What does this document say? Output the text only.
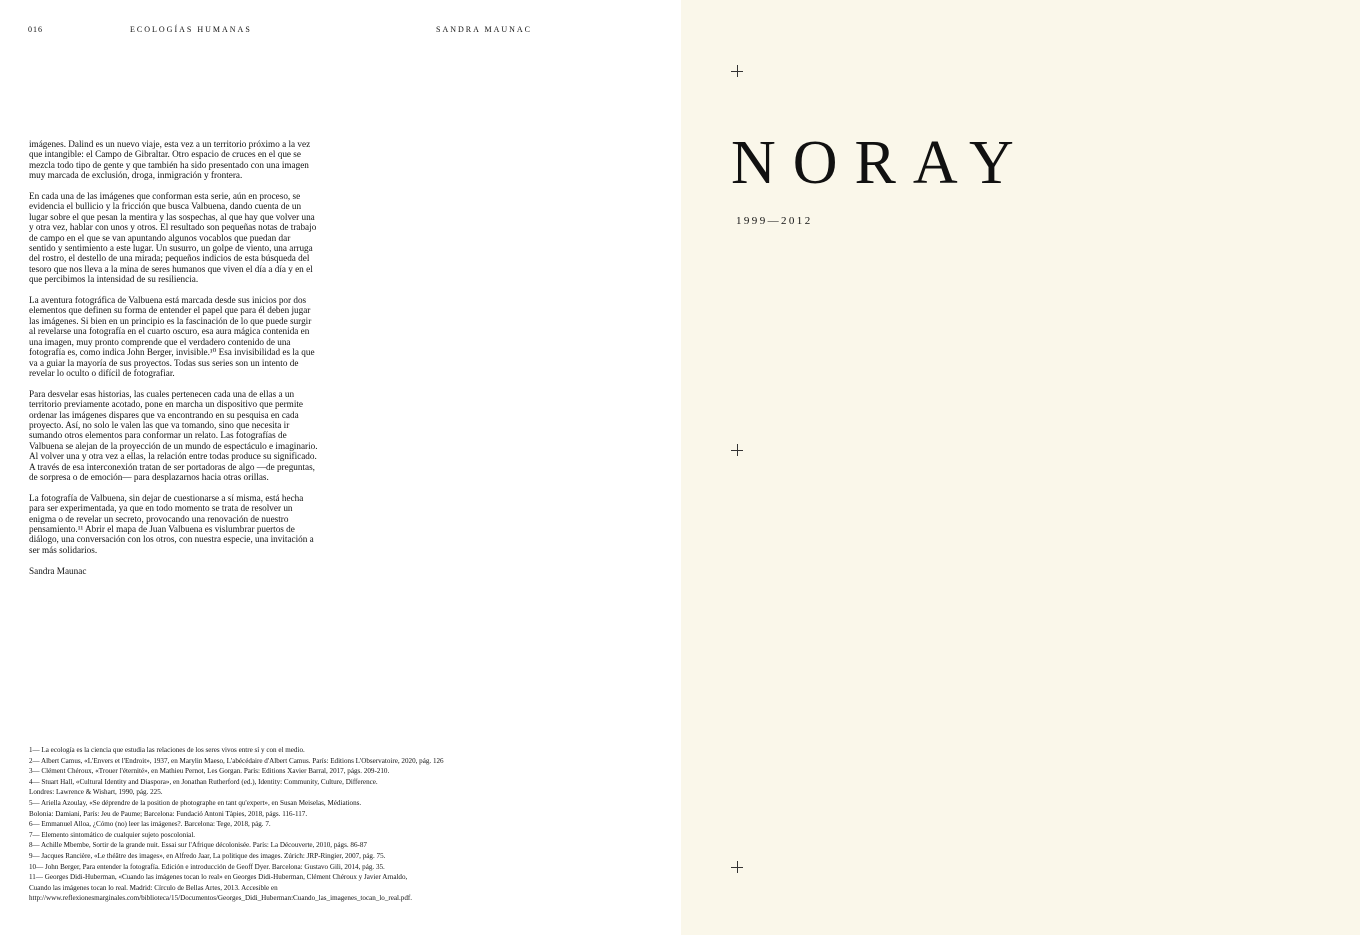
016	ECOLOGÍAS HUMANAS	SANDRA MAUNAC

imágenes. Dalind es un nuevo viaje, esta vez a un territorio próximo a la vez que intangible: el Campo de Gibraltar. Otro espacio de cruces en el que se mezcla todo tipo de gente y que también ha sido presentado con una imagen muy marcada de exclusión, droga, inmigración y frontera.

En cada una de las imágenes que conforman esta serie, aún en proceso, se evidencia el bullicio y la fricción que busca Valbuena, dando cuenta de un lugar sobre el que pesan la mentira y las sospechas, al que hay que volver una y otra vez, hablar con unos y otros. El resultado son pequeñas notas de trabajo de campo en el que se van apuntando algunos vocablos que puedan dar sentido y sentimiento a este lugar. Un susurro, un golpe de viento, una arruga del rostro, el destello de una mirada; pequeños indicios de esta búsqueda del tesoro que nos lleva a la mina de seres humanos que viven el día a día y en el que percibimos la intensidad de su resiliencia.

La aventura fotográfica de Valbuena está marcada desde sus inicios por dos elementos que definen su forma de entender el papel que para él deben jugar las imágenes. Si bien en un principio es la fascinación de lo que puede surgir al revelarse una fotografía en el cuarto oscuro, esa aura mágica contenida en una imagen, muy pronto comprende que el verdadero contenido de una fotografía es, como indica John Berger, invisible.¹⁰ Esa invisibilidad es la que va a guiar la mayoría de sus proyectos. Todas sus series son un intento de revelar lo oculto o difícil de fotografiar.

Para desvelar esas historias, las cuales pertenecen cada una de ellas a un territorio previamente acotado, pone en marcha un dispositivo que permite ordenar las imágenes dispares que va encontrando en su pesquisa en cada proyecto. Así, no solo le valen las que va tomando, sino que necesita ir sumando otros elementos para conformar un relato. Las fotografías de Valbuena se alejan de la proyección de un mundo de espectáculo e imaginario. Al volver una y otra vez a ellas, la relación entre todas produce su significado. A través de esa interconexión tratan de ser portadoras de algo —de preguntas, de sorpresa o de emoción— para desplazarnos hacia otras orillas.

La fotografía de Valbuena, sin dejar de cuestionarse a sí misma, está hecha para ser experimentada, ya que en todo momento se trata de resolver un enigma o de revelar un secreto, provocando una renovación de nuestro pensamiento.¹¹ Abrir el mapa de Juan Valbuena es vislumbrar puertos de diálogo, una conversación con los otros, con nuestra especie, una invitación a ser más solidarios.

Sandra Maunac

1— La ecología es la ciencia que estudia las relaciones de los seres vivos entre sí y con el medio.
2— Albert Camus, «L'Envers et l'Endroit», 1937, en Marylin Maeso, L'abécédaire d'Albert Camus. París: Editions L'Observatoire, 2020, pág. 126
3— Clément Chéroux, «Trouer l'éternité», en Mathieu Pernot, Les Gorgan. París: Editions Xavier Barral, 2017, págs. 209-210.
4— Stuart Hall, «Cultural Identity and Diaspora», en Jonathan Rutherford (ed.), Identity: Community, Culture, Difference.
Londres: Lawrence & Wishart, 1990, pág. 225.
5— Ariella Azoulay, «Se déprendre de la position de photographe en tant qu'expert», en Susan Meiselas, Médiations.
Bolonia: Damiani, París: Jeu de Paume; Barcelona: Fundació Antoni Tàpies, 2018, págs. 116-117.
6— Emmanuel Alloa, ¿Cómo (no) leer las imágenes?. Barcelona: Tege, 2018, pág. 7.
7— Elemento sintomático de cualquier sujeto poscolonial.
8— Achille Mbembe, Sortir de la grande nuit. Essai sur l'Afrique décolonisée. París: La Découverte, 2010, págs. 86-87
9— Jacques Rancière, «Le théâtre des images», en Alfredo Jaar, La politique des images. Zúrich: JRP-Ringier, 2007, pág. 75.
10— John Berger, Para entender la fotografía. Edición e introducción de Geoff Dyer. Barcelona: Gustavo Gili, 2014, pág. 35.
11— Georges Didi-Huberman, «Cuando las imágenes tocan lo real» en Georges Didi-Huberman, Clément Chéroux y Javier Arnaldo,
Cuando las imágenes tocan lo real. Madrid: Círculo de Bellas Artes, 2013. Accesible en
http://www.reflexionesmarginales.com/biblioteca/15/Documentos/Georges_Didi_Huberman:Cuando_las_imagenes_tocan_lo_real.pdf.
NORAY
1999—2012
